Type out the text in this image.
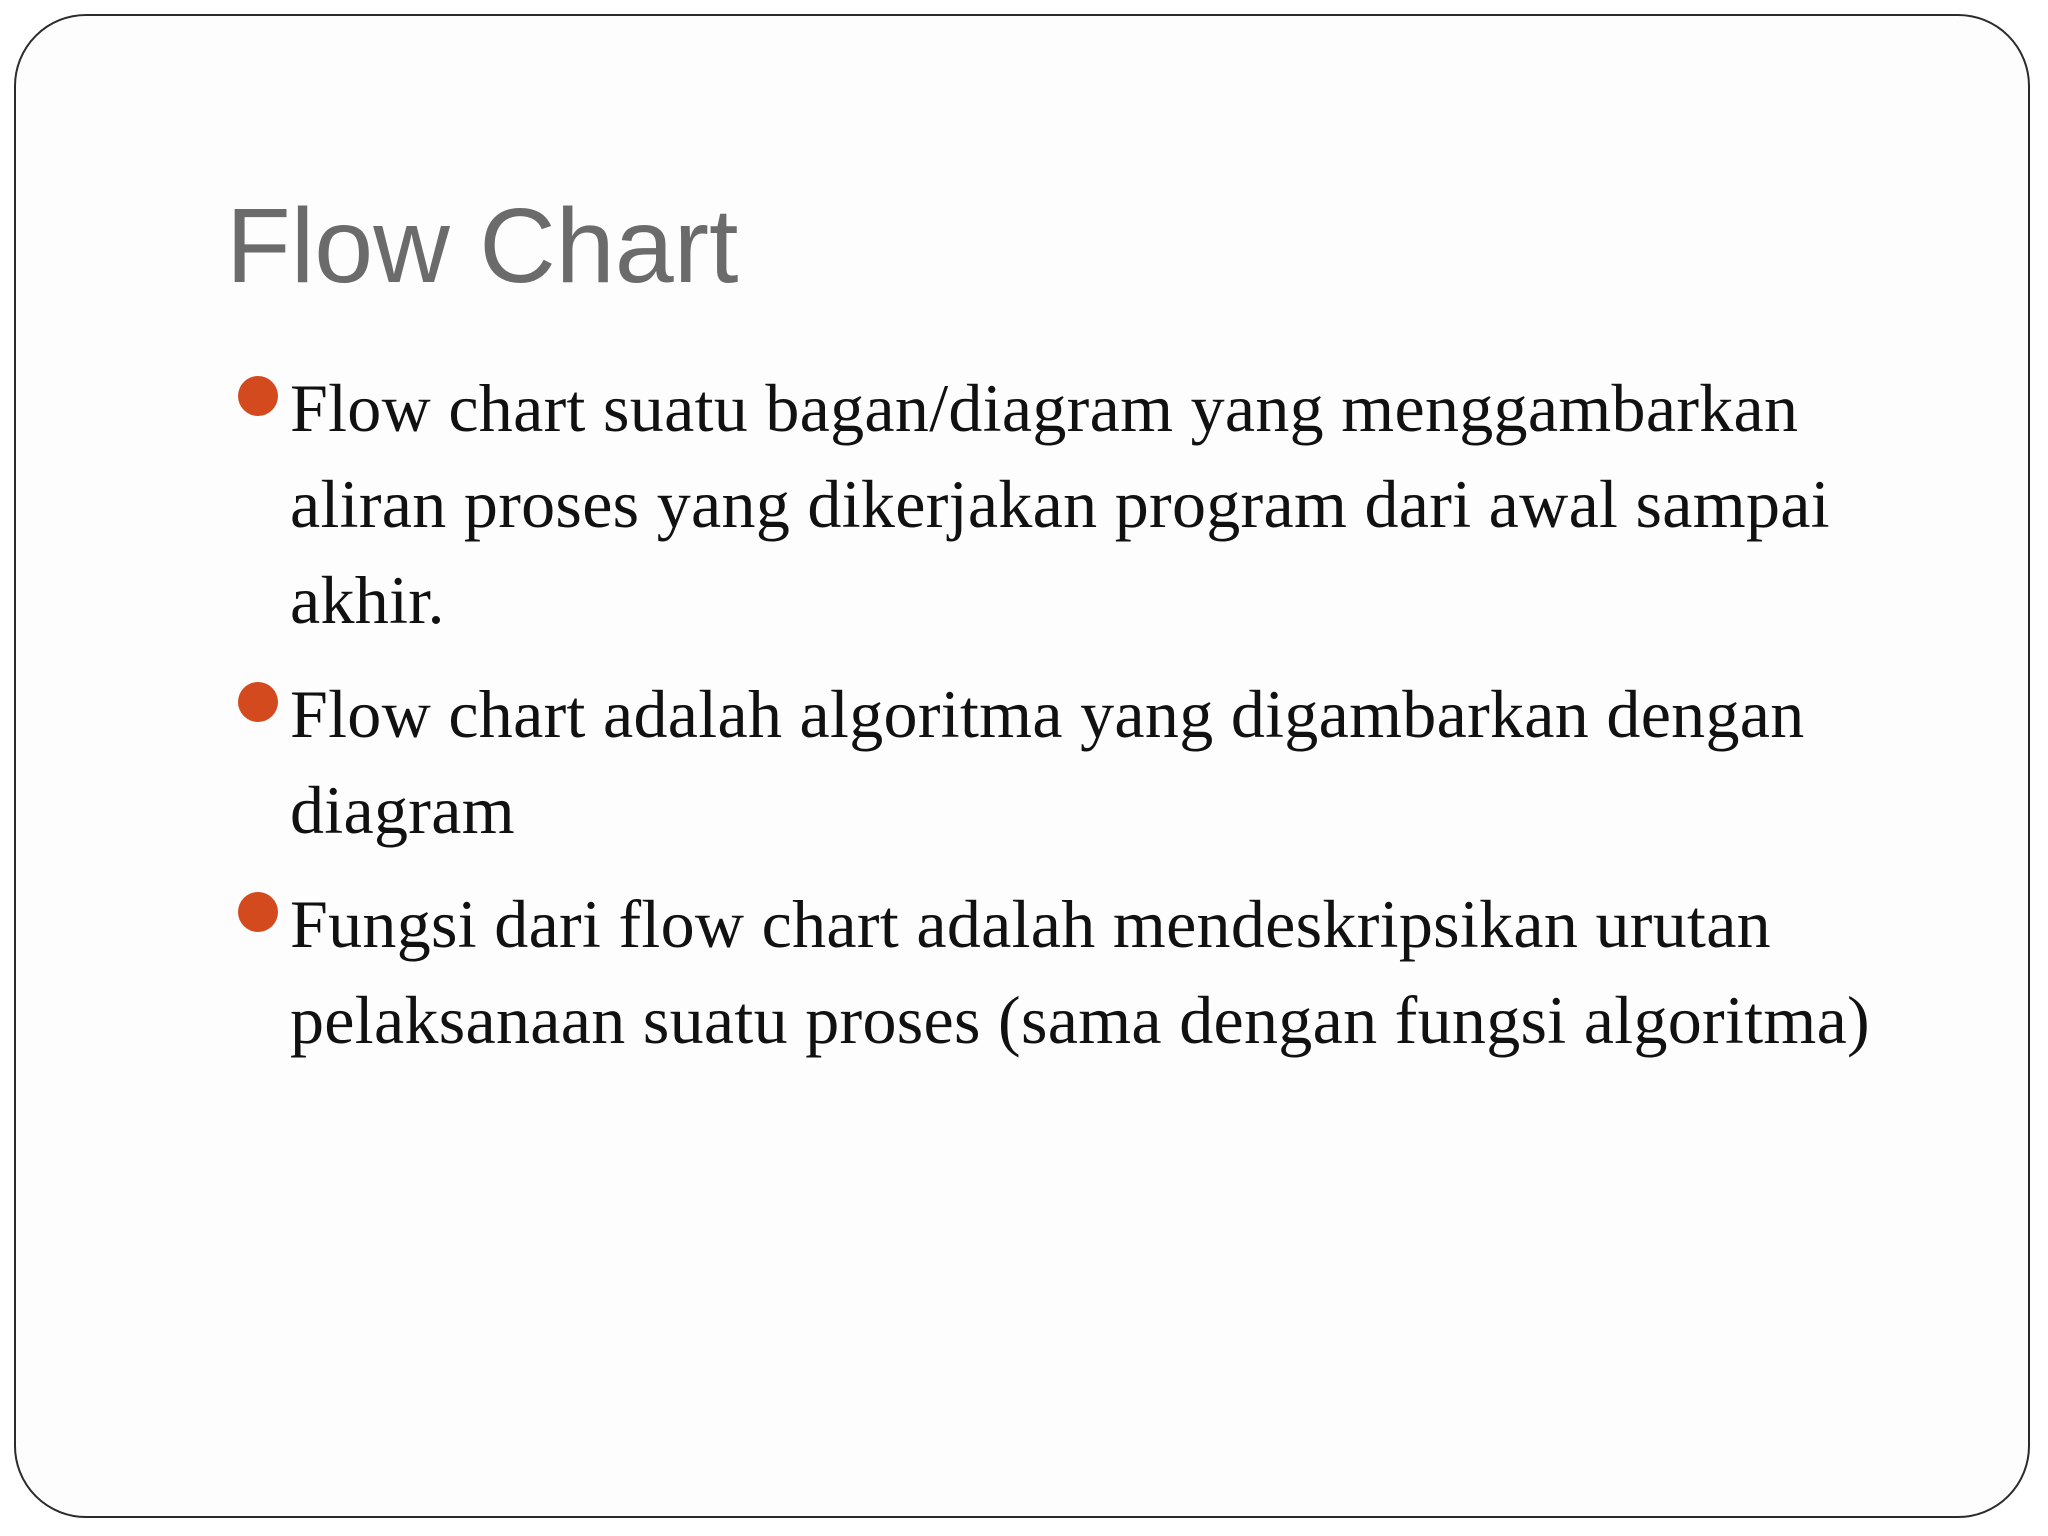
Flow Chart
Flow chart suatu bagan/diagram yang menggambarkan aliran proses yang dikerjakan program dari awal sampai akhir.
Flow chart adalah algoritma yang digambarkan dengan diagram
Fungsi dari flow chart adalah mendeskripsikan urutan pelaksanaan suatu proses (sama dengan fungsi algoritma)
